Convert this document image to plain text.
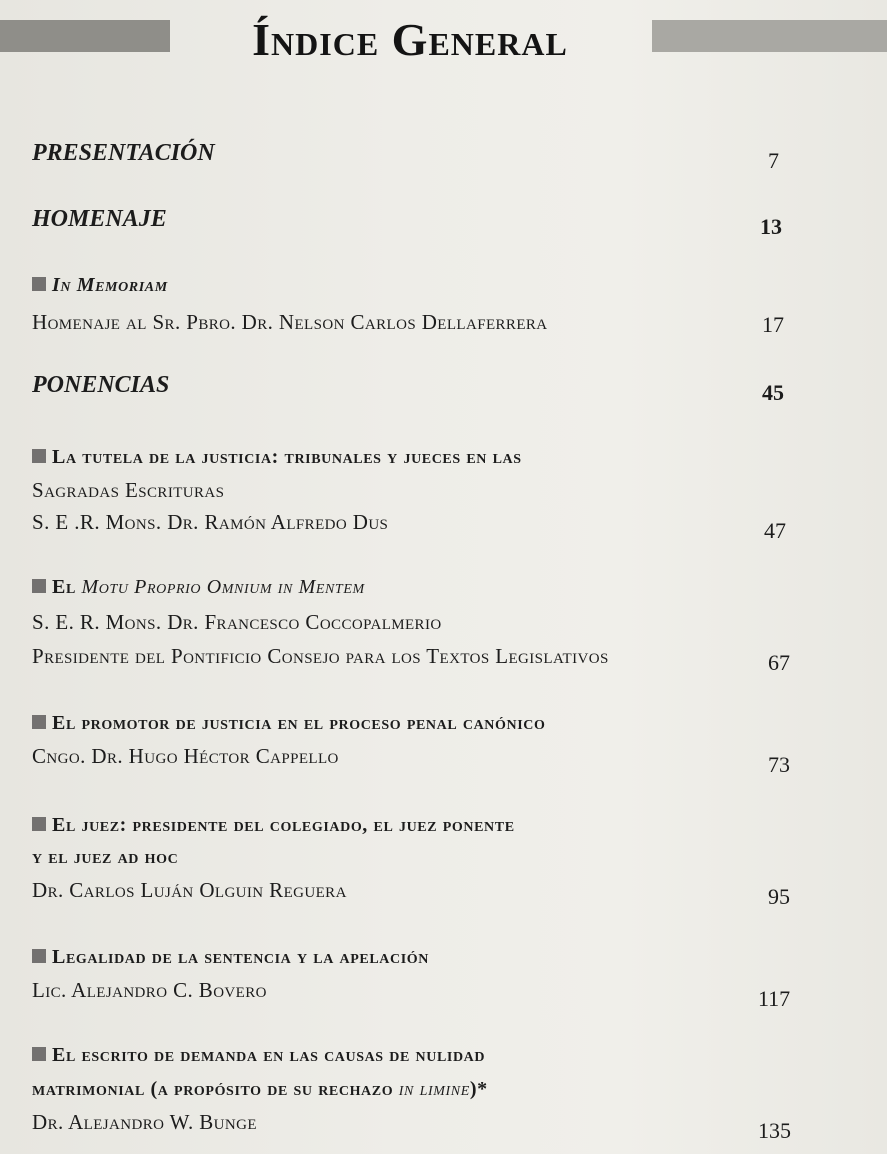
Índice General
PRESENTACIÓN	7
HOMENAJE	13
In Memoriam
Homenaje al Sr. Pbro. Dr. Nelson Carlos Dellaferrera	17
PONENCIAS	45
La tutela de la justicia: tribunales y jueces en las
Sagradas Escrituras
S. E .R. Mons. Dr. Ramón Alfredo Dus	47
El Motu Proprio Omnium in Mentem
S. E. R. Mons. Dr. Francesco Coccopalmerio
Presidente del Pontificio Consejo para los Textos Legislativos	67
El promotor de justicia en el proceso penal canónico
Cngo. Dr. Hugo Héctor Cappello	73
El juez: presidente del colegiado, el juez ponente
y el juez ad hoc
Dr. Carlos Luján Olguin Reguera	95
Legalidad de la sentencia y la apelación
Lic. Alejandro C. Bovero	117
El escrito de demanda en las causas de nulidad
matrimonial (a propósito de su rechazo in limine)*
Dr. Alejandro W. Bunge	135
